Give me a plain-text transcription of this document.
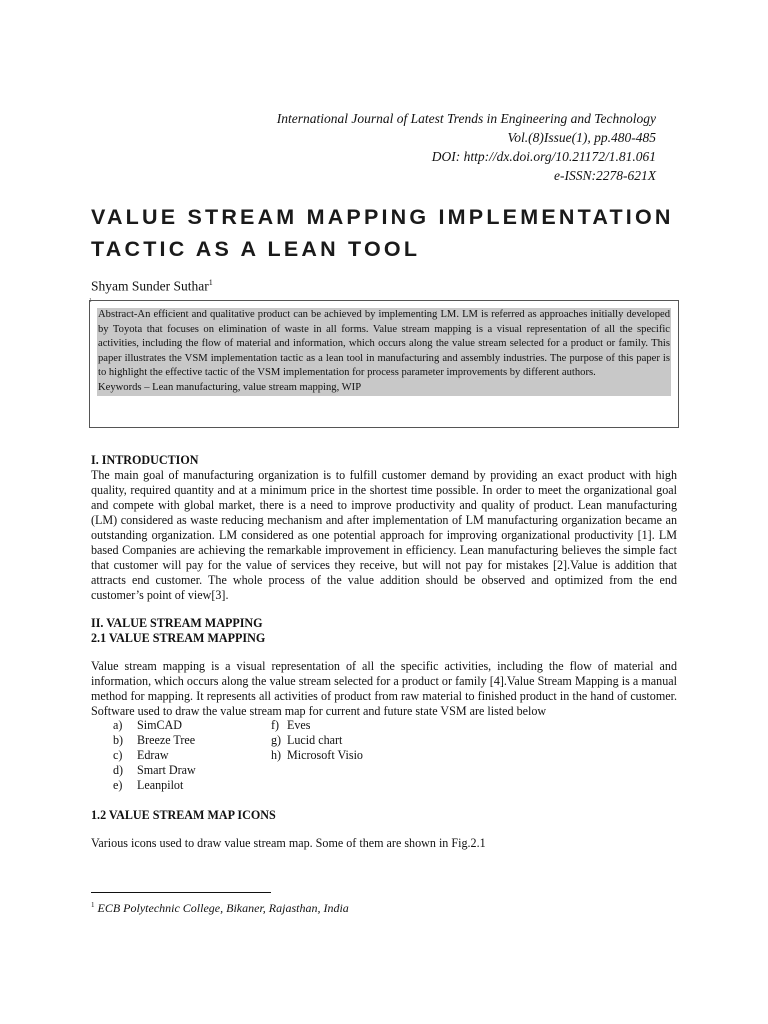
International Journal of Latest Trends in Engineering and Technology
Vol.(8)Issue(1), pp.480-485
DOI: http://dx.doi.org/10.21172/1.81.061
e-ISSN:2278-621X
VALUE STREAM MAPPING IMPLEMENTATION
TACTIC AS A LEAN TOOL
Shyam Sunder Suthar$^1$
1
Abstract-An efficient and qualitative product can be achieved by implementing LM. LM is referred as approaches initially developed by Toyota that focuses on elimination of waste in all forms. Value stream mapping is a visual representation of all the specific activities, including the flow of material and information, which occurs along the value stream selected for a product or family. This paper illustrates the VSM implementation tactic as a lean tool in manufacturing and assembly industries. The purpose of this paper is to highlight the effective tactic of the VSM implementation for process parameter improvements by different authors.
Keywords – Lean manufacturing, value stream mapping, WIP
I. INTRODUCTION
The main goal of manufacturing organization is to fulfill customer demand by providing an exact product with high quality, required quantity and at a minimum price in the shortest time possible. In order to meet the organizational goal and compete with global market, there is a need to improve productivity and quality of product. Lean manufacturing (LM) considered as waste reducing mechanism and after implementation of LM manufacturing organization became an outstanding organization. LM considered as one potential approach for improving organizational productivity [1]. LM based Companies are achieving the remarkable improvement in efficiency. Lean manufacturing believes the simple fact that customer will pay for the value of services they receive, but will not pay for mistakes [2].Value is addition that attracts end customer. The whole process of the value addition should be observed and optimized from the end customer’s point of view[3].
II. VALUE STREAM MAPPING
2.1 VALUE STREAM MAPPING
Value stream mapping is a visual representation of all the specific activities, including the flow of material and information, which occurs along the value stream selected for a product or family [4].Value Stream Mapping is a manual method for mapping. It represents all activities of product from raw material to finished product in the hand of customer. Software used to draw the value stream map for current and future state VSM are listed below
a)	SimCAD	f) Eves
b)	Breeze Tree	g) Lucid chart
c)	Edraw	h) Microsoft Visio
d)	Smart Draw
e)	Leanpilot
1.2 VALUE STREAM MAP ICONS
Various icons used to draw value stream map. Some of them are shown in Fig.2.1
$^1$ ECB Polytechnic College, Bikaner, Rajasthan, India
